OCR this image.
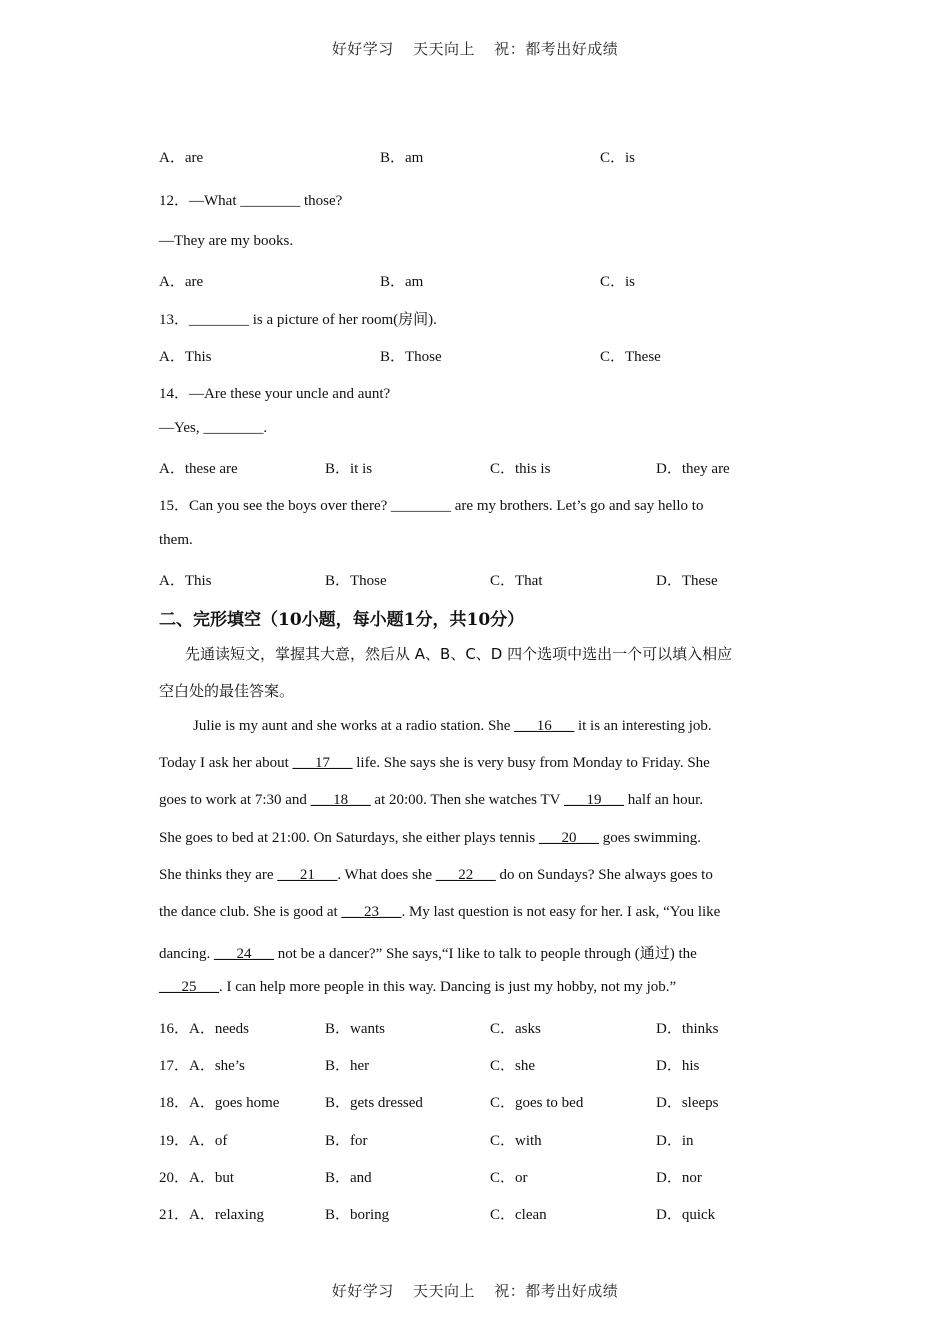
好好学习 天天向上 祝：都考出好成绩
A．are	B．am	C．is
12．—What ________ those?
—They are my books.
A．are	B．am	C．is
13．________ is a picture of her room(房间).
A．This	B．Those	C．These
14．—Are these your uncle and aunt?
—Yes, ________.
A．these are	B．it is	C．this is	D．they are
15．Can you see the boys over there? ________ are my brothers. Let’s go and say hello to
them.
A．This	B．Those	C．That	D．These
二、完形填空（10小题，每小题1分，共10分）
先通读短文，掌握其大意，然后从 A、B、C、D 四个选项中选出一个可以填入相应
空白处的最佳答案。
Julie is my aunt and she works at a radio station. She ___16___ it is an interesting job.
Today I ask her about ___17___ life. She says she is very busy from Monday to Friday. She
goes to work at 7:30 and ___18___ at 20:00. Then she watches TV ___19___ half an hour.
She goes to bed at 21:00. On Saturdays, she either plays tennis ___20___ goes swimming.
She thinks they are ___21___. What does she ___22___ do on Sundays? She always goes to
the dance club. She is good at ___23___. My last question is not easy for her. I ask, “You like
dancing. ___24___ not be a dancer?” She says,“I like to talk to people through (通过) the
___25___. I can help more people in this way. Dancing is just my hobby, not my job.”
16．A．needs	B．wants	C．asks	D．thinks
17．A．she’s	B．her	C．she	D．his
18．A．goes home	B．gets dressed	C．goes to bed	D．sleeps
19．A．of	B．for	C．with	D．in
20．A．but	B．and	C．or	D．nor
21．A．relaxing	B．boring	C．clean	D．quick
好好学习 天天向上 祝：都考出好成绩
